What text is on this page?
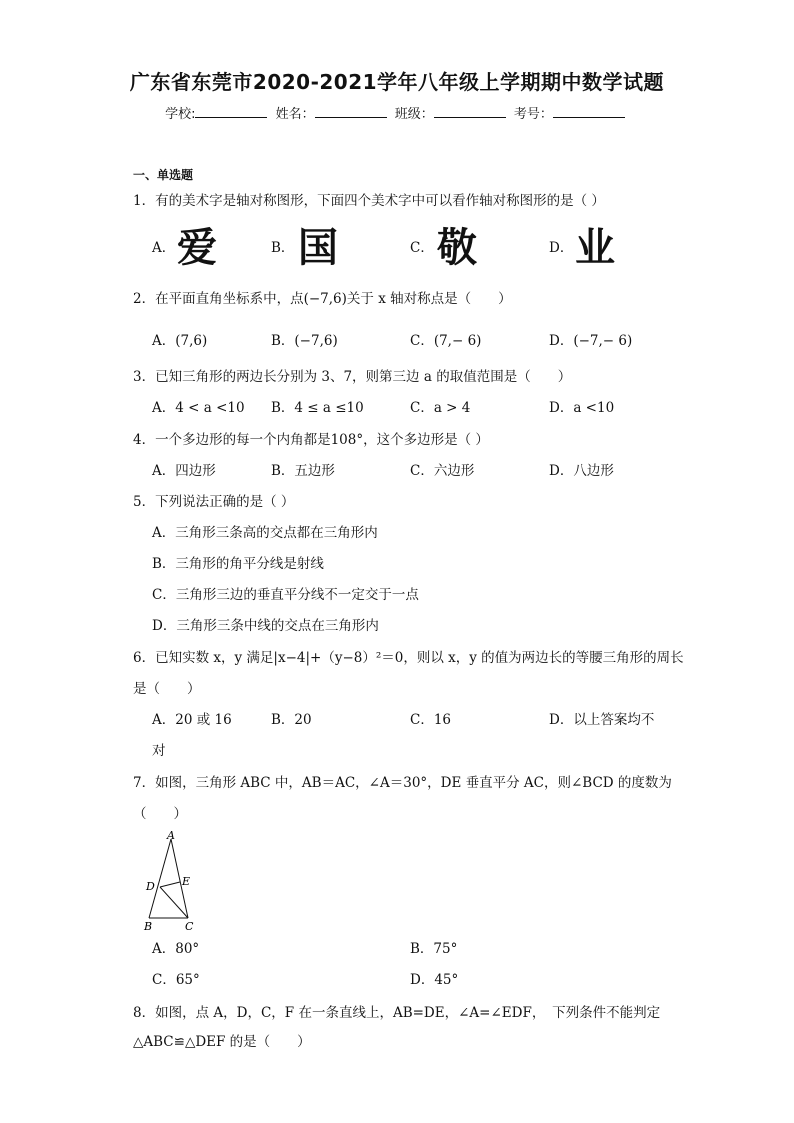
广东省东莞市2020-2021学年八年级上学期期中数学试题
学校:	姓名：	班级：	考号：
一、单选题
1．有的美术字是轴对称图形，下面四个美术字中可以看作轴对称图形的是（ ）
A． 爱	B． 国	C． 敬	D． 业
2．在平面直角坐标系中，点(−7,6)关于 x 轴对称点是（　　）
A．(7,6)	B．(−7,6)	C．(7,− 6)	D．(−7,− 6)
3．已知三角形的两边长分别为 3、7，则第三边 a 的取值范围是（　　）
A．4 < a <10 B．4 ≤ a ≤10	C．a > 4	D．a <10
4．一个多边形的每一个内角都是108°，这个多边形是（ ）
A．四边形	B．五边形	C．六边形	D．八边形
5．下列说法正确的是（ ）
A．三角形三条高的交点都在三角形内
B．三角形的角平分线是射线
C．三角形三边的垂直平分线不一定交于一点
D．三角形三条中线的交点在三角形内
6．已知实数 x，y 满足|x−4|+（y−8）²＝0，则以 x，y 的值为两边长的等腰三角形的周长
是（　　）
A．20 或 16	B．20	C．16	D．以上答案均不
对
7．如图，三角形 ABC 中，AB＝AC，∠A＝30°，DE 垂直平分 AC，则∠BCD 的度数为
（　　）
A
D E
B	C
A．80°	B．75°
C．65°	D．45°
8．如图，点 A，D，C，F 在一条直线上，AB=DE，∠A=∠EDF，　下列条件不能判定
△ABC≌△DEF 的是（　　）
